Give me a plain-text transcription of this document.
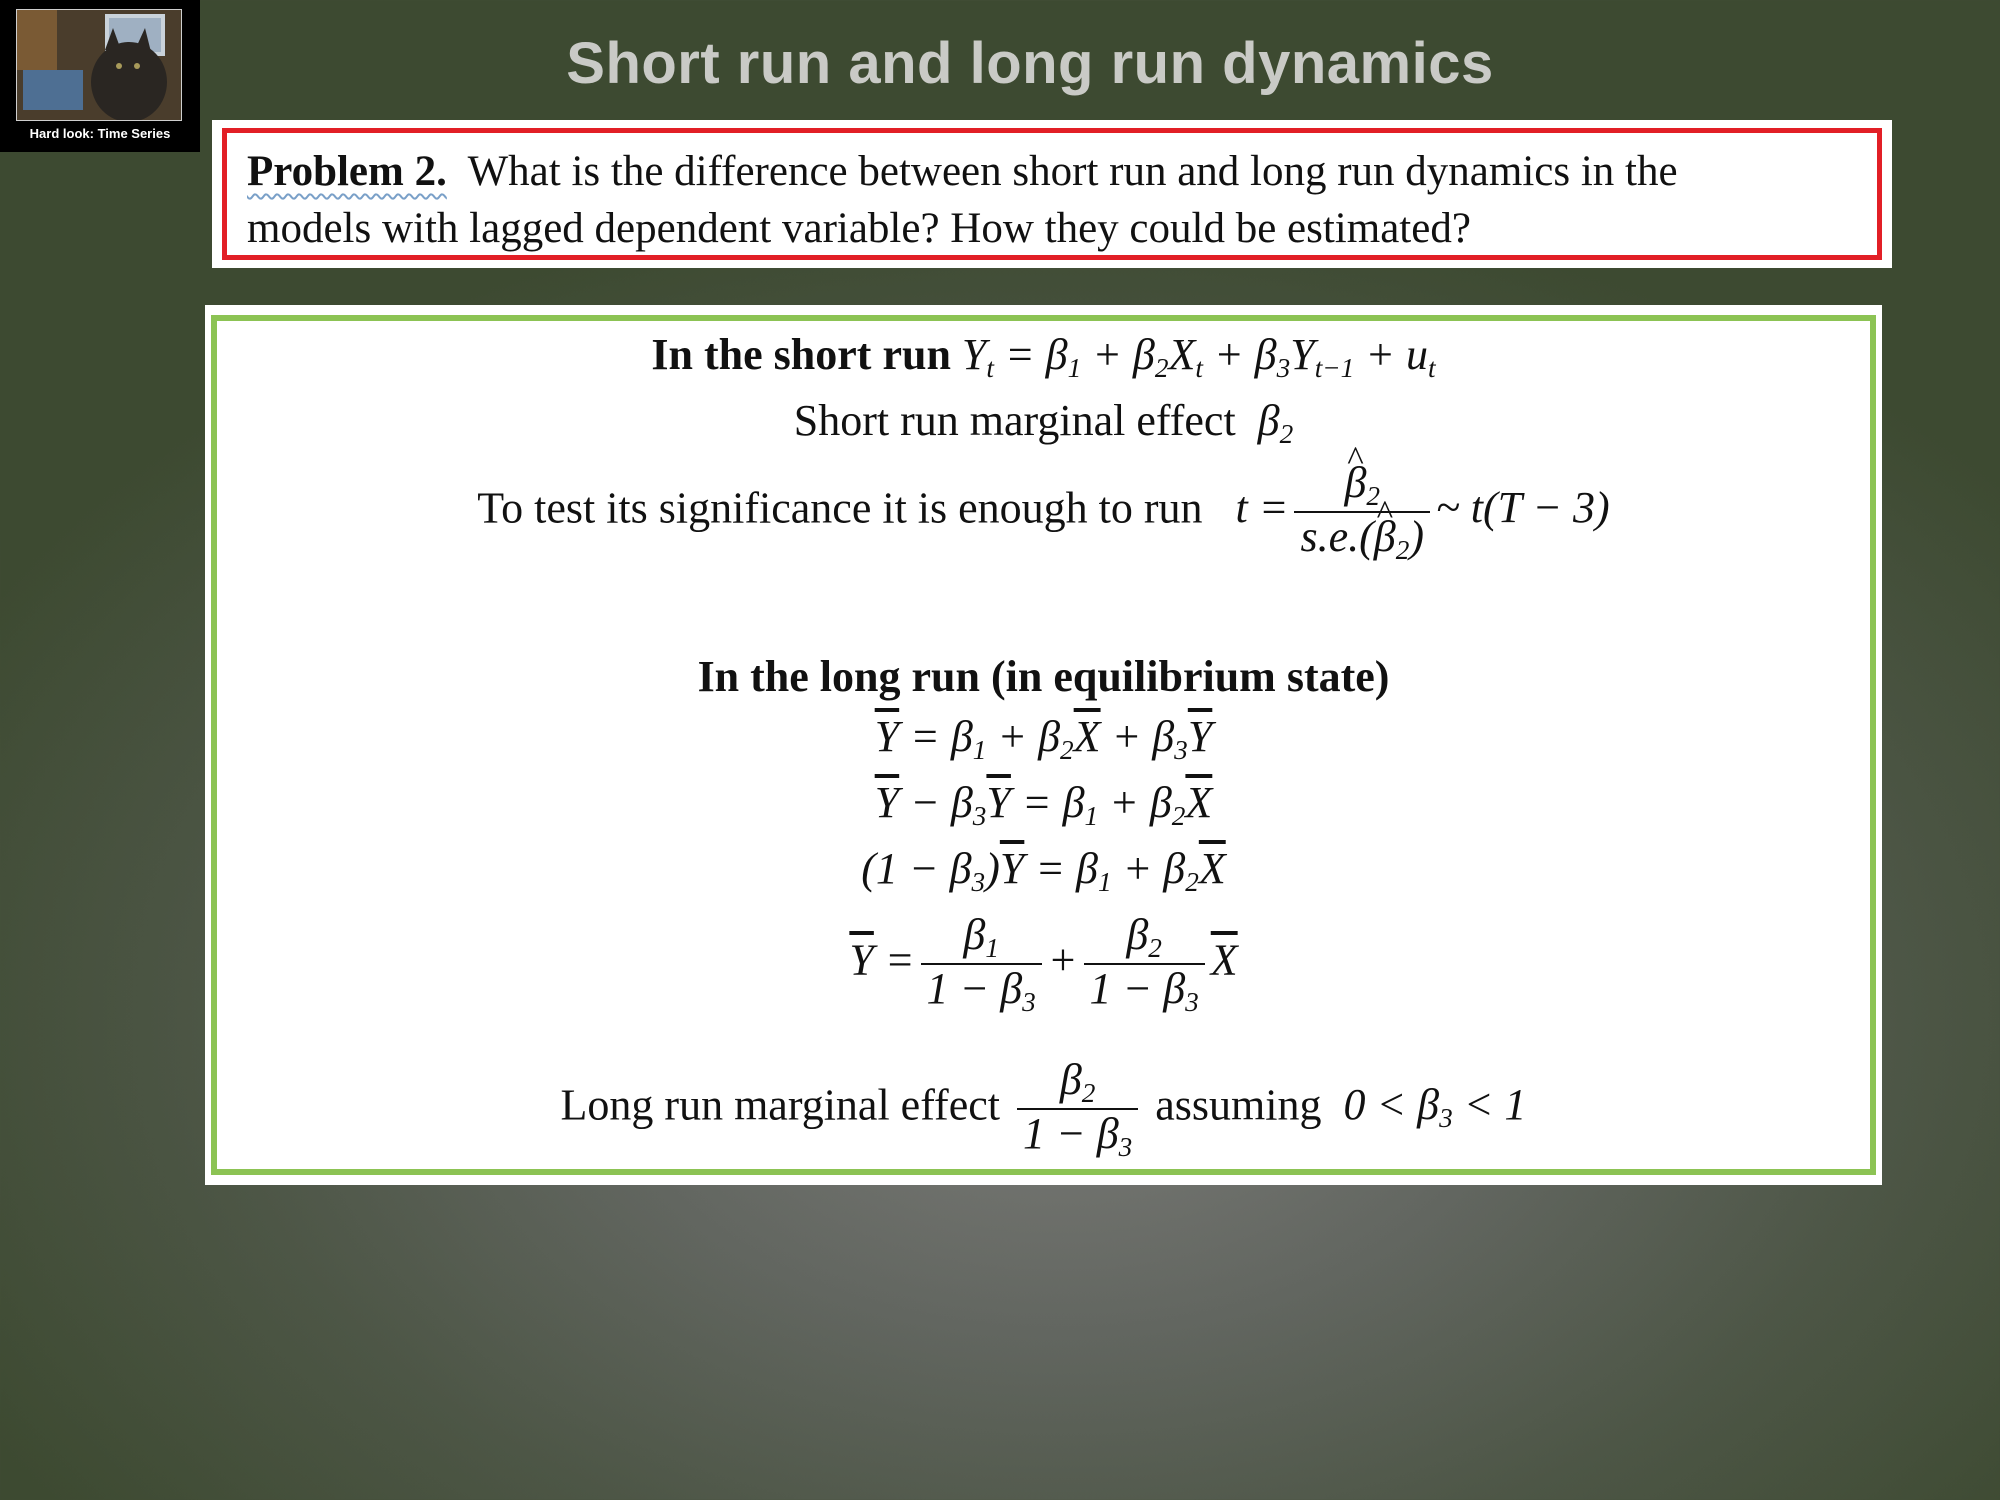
Hard look: Time Series
Short run and long run dynamics
Problem 2. What is the difference between short run and long run dynamics in the
models with lagged dependent variable? How they could be estimated?
In the short run $Y_t = \beta_1 + \beta_2X_t + \beta_3Y_{t-1} + u_t$
Short run marginal effect  $\beta_2$
To test its significance it is enough to run   t = ^ $\frac{\beta_2}{s.e.(\^{} \beta_2)}$ ~ t(T − 3)
In the long run (in equilibrium state)
$\overline{Y} = \beta_1 + \beta_2\overline{X} + \beta_3\overline{Y}$
$\overline{Y} - \beta_3\overline{Y} = \beta_1 + \beta_2\overline{X}$
$(1 - \beta_3)\overline{Y} = \beta_1 + \beta_2\overline{X}$
$\overline{Y} = \frac{\beta_1}{1 - \beta_3} + \frac{\beta_2}{1 - \beta_3} \overline{X}$
Long run marginal effect $\frac{\beta_2}{1 - \beta_3}$ assuming  $0 < \beta_3 < 1$
